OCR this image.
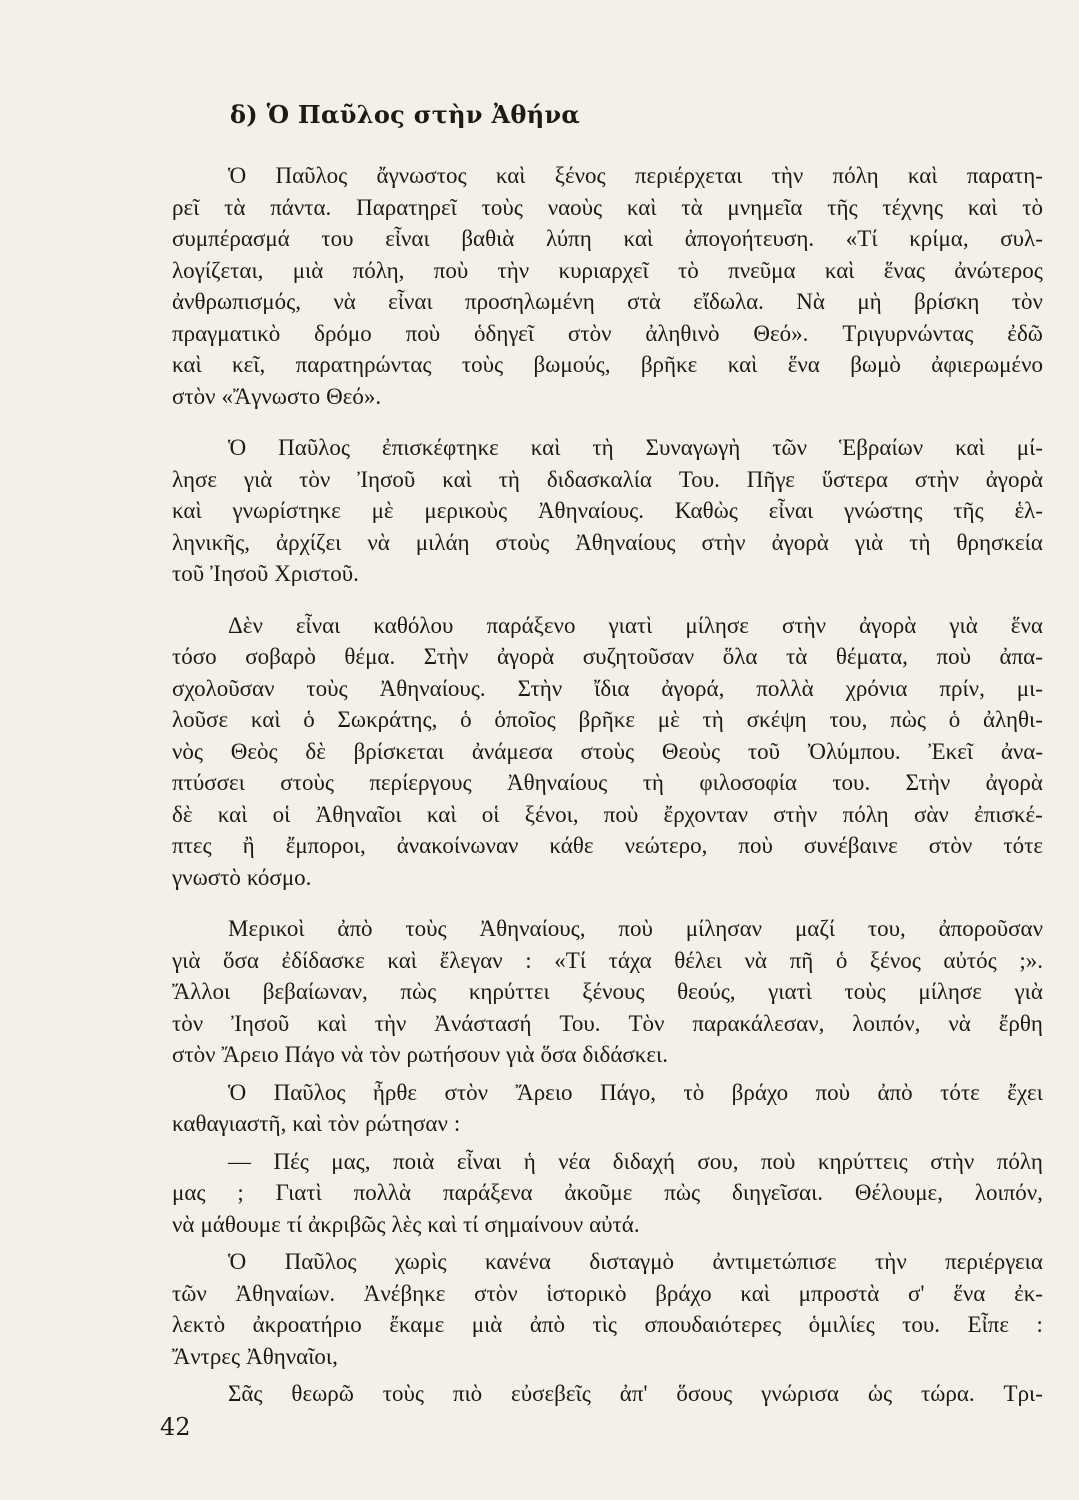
δ) Ὁ Παῦλος στὴν Ἀθήνα
Ὁ Παῦλος ἄγνωστος καὶ ξένος περιέρχεται τὴν πόλη καὶ παρατη-
ρεῖ τὰ πάντα. Παρατηρεῖ τοὺς ναοὺς καὶ τὰ μνημεῖα τῆς τέχνης καὶ τὸ
συμπέρασμά του εἶναι βαθιὰ λύπη καὶ ἀπογοήτευση. «Τί κρίμα, συλ-
λογίζεται, μιὰ πόλη, ποὺ τὴν κυριαρχεῖ τὸ πνεῦμα καὶ ἕνας ἀνώτερος
ἀνθρωπισμός, νὰ εἶναι προσηλωμένη στὰ εἴδωλα. Νὰ μὴ βρίσκη τὸν
πραγματικὸ δρόμο ποὺ ὁδηγεῖ στὸν ἀληθινὸ Θεό». Τριγυρνώντας ἐδῶ
καὶ κεῖ, παρατηρώντας τοὺς βωμούς, βρῆκε καὶ ἕνα βωμὸ ἀφιερωμένο
στὸν «Ἄγνωστο Θεό».
Ὁ Παῦλος ἐπισκέφτηκε καὶ τὴ Συναγωγὴ τῶν Ἑβραίων καὶ μί-
λησε γιὰ τὸν Ἰησοῦ καὶ τὴ διδασκαλία Του. Πῆγε ὕστερα στὴν ἀγορὰ
καὶ γνωρίστηκε μὲ μερικοὺς Ἀθηναίους. Καθὼς εἶναι γνώστης τῆς ἑλ-
ληνικῆς, ἀρχίζει νὰ μιλάη στοὺς Ἀθηναίους στὴν ἀγορὰ γιὰ τὴ θρησκεία
τοῦ Ἰησοῦ Χριστοῦ.
Δὲν εἶναι καθόλου παράξενο γιατὶ μίλησε στὴν ἀγορὰ γιὰ ἕνα
τόσο σοβαρὸ θέμα. Στὴν ἀγορὰ συζητοῦσαν ὅλα τὰ θέματα, ποὺ ἀπα-
σχολοῦσαν τοὺς Ἀθηναίους. Στὴν ἴδια ἀγορά, πολλὰ χρόνια πρίν, μι-
λοῦσε καὶ ὁ Σωκράτης, ὁ ὁποῖος βρῆκε μὲ τὴ σκέψη του, πὼς ὁ ἀληθι-
νὸς Θεὸς δὲ βρίσκεται ἀνάμεσα στοὺς Θεοὺς τοῦ Ὀλύμπου. Ἐκεῖ ἀνα-
πτύσσει στοὺς περίεργους Ἀθηναίους τὴ φιλοσοφία του. Στὴν ἀγορὰ
δὲ καὶ οἱ Ἀθηναῖοι καὶ οἱ ξένοι, ποὺ ἔρχονταν στὴν πόλη σὰν ἐπισκέ-
πτες ἢ ἔμποροι, ἀνακοίνωναν κάθε νεώτερο, ποὺ συνέβαινε στὸν τότε
γνωστὸ κόσμο.
Μερικοὶ ἀπὸ τοὺς Ἀθηναίους, ποὺ μίλησαν μαζί του, ἀποροῦσαν
γιὰ ὅσα ἐδίδασκε καὶ ἔλεγαν : «Τί τάχα θέλει νὰ πῆ ὁ ξένος αὐτός ;».
Ἄλλοι βεβαίωναν, πὼς κηρύττει ξένους θεούς, γιατὶ τοὺς μίλησε γιὰ
τὸν Ἰησοῦ καὶ τὴν Ἀνάστασή Του. Τὸν παρακάλεσαν, λοιπόν, νὰ ἔρθη
στὸν Ἄρειο Πάγο νὰ τὸν ρωτήσουν γιὰ ὅσα διδάσκει.
Ὁ Παῦλος ἦρθε στὸν Ἄρειο Πάγο, τὸ βράχο ποὺ ἀπὸ τότε ἔχει
καθαγιαστῆ, καὶ τὸν ρώτησαν :
— Πές μας, ποιὰ εἶναι ἡ νέα διδαχή σου, ποὺ κηρύττεις στὴν πόλη
μας ; Γιατὶ πολλὰ παράξενα ἀκοῦμε πὼς διηγεῖσαι. Θέλουμε, λοιπόν,
νὰ μάθουμε τί ἀκριβῶς λὲς καὶ τί σημαίνουν αὐτά.
Ὁ Παῦλος χωρὶς κανένα δισταγμὸ ἀντιμετώπισε τὴν περιέργεια
τῶν Ἀθηναίων. Ἀνέβηκε στὸν ἱστορικὸ βράχο καὶ μπροστὰ σ' ἕνα ἐκ-
λεκτὸ ἀκροατήριο ἔκαμε μιὰ ἀπὸ τὶς σπουδαιότερες ὁμιλίες του. Εἶπε :
Ἄντρες Ἀθηναῖοι,
Σᾶς θεωρῶ τοὺς πιὸ εὐσεβεῖς ἀπ' ὅσους γνώρισα ὡς τώρα. Τρι-
42
